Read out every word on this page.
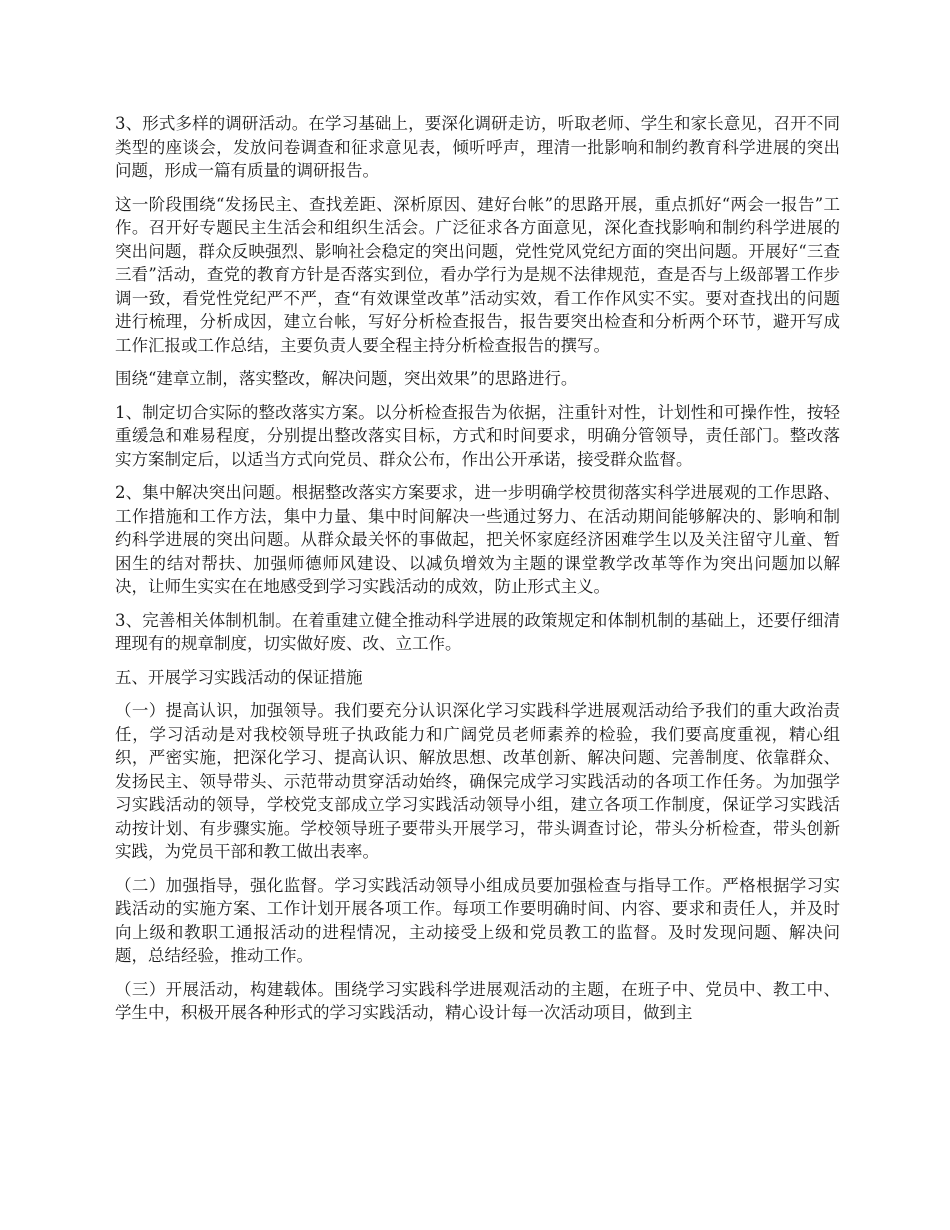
3、形式多样的调研活动。在学习基础上，要深化调研走访，听取老师、学生和家长意见，召开不同类型的座谈会，发放问卷调查和征求意见表，倾听呼声，理清一批影响和制约教育科学进展的突出问题，形成一篇有质量的调研报告。

这一阶段围绕“发扬民主、查找差距、深析原因、建好台帐”的思路开展，重点抓好“两会一报告”工作。召开好专题民主生活会和组织生活会。广泛征求各方面意见，深化查找影响和制约科学进展的突出问题，群众反映强烈、影响社会稳定的突出问题，党性党风党纪方面的突出问题。开展好“三查三看”活动，查党的教育方针是否落实到位，看办学行为是规不法律规范，查是否与上级部署工作步调一致，看党性党纪严不严，查“有效课堂改革”活动实效，看工作作风实不实。要对查找出的问题进行梳理，分析成因，建立台帐，写好分析检查报告，报告要突出检查和分析两个环节，避开写成工作汇报或工作总结，主要负责人要全程主持分析检查报告的撰写。

围绕“建章立制，落实整改，解决问题，突出效果”的思路进行。

1、制定切合实际的整改落实方案。以分析检查报告为依据，注重针对性，计划性和可操作性，按轻重缓急和难易程度，分别提出整改落实目标，方式和时间要求，明确分管领导，责任部门。整改落实方案制定后，以适当方式向党员、群众公布，作出公开承诺，接受群众监督。

2、集中解决突出问题。根据整改落实方案要求，进一步明确学校贯彻落实科学进展观的工作思路、工作措施和工作方法，集中力量、集中时间解决一些通过努力、在活动期间能够解决的、影响和制约科学进展的突出问题。从群众最关怀的事做起，把关怀家庭经济困难学生以及关注留守儿童、暂困生的结对帮扶、加强师德师风建设、以减负增效为主题的课堂教学改革等作为突出问题加以解决，让师生实实在在地感受到学习实践活动的成效，防止形式主义。

3、完善相关体制机制。在着重建立健全推动科学进展的政策规定和体制机制的基础上，还要仔细清理现有的规章制度，切实做好废、改、立工作。

五、开展学习实践活动的保证措施

（一）提高认识，加强领导。我们要充分认识深化学习实践科学进展观活动给予我们的重大政治责任，学习活动是对我校领导班子执政能力和广阔党员老师素养的检验，我们要高度重视，精心组织，严密实施，把深化学习、提高认识、解放思想、改革创新、解决问题、完善制度、依靠群众、发扬民主、领导带头、示范带动贯穿活动始终，确保完成学习实践活动的各项工作任务。为加强学习实践活动的领导，学校党支部成立学习实践活动领导小组，建立各项工作制度，保证学习实践活动按计划、有步骤实施。学校领导班子要带头开展学习，带头调查讨论，带头分析检查，带头创新实践，为党员干部和教工做出表率。

（二）加强指导，强化监督。学习实践活动领导小组成员要加强检查与指导工作。严格根据学习实践活动的实施方案、工作计划开展各项工作。每项工作要明确时间、内容、要求和责任人，并及时向上级和教职工通报活动的进程情况，主动接受上级和党员教工的监督。及时发现问题、解决问题，总结经验，推动工作。

（三）开展活动，构建载体。围绕学习实践科学进展观活动的主题，在班子中、党员中、教工中、学生中，积极开展各种形式的学习实践活动，精心设计每一次活动项目，做到主
